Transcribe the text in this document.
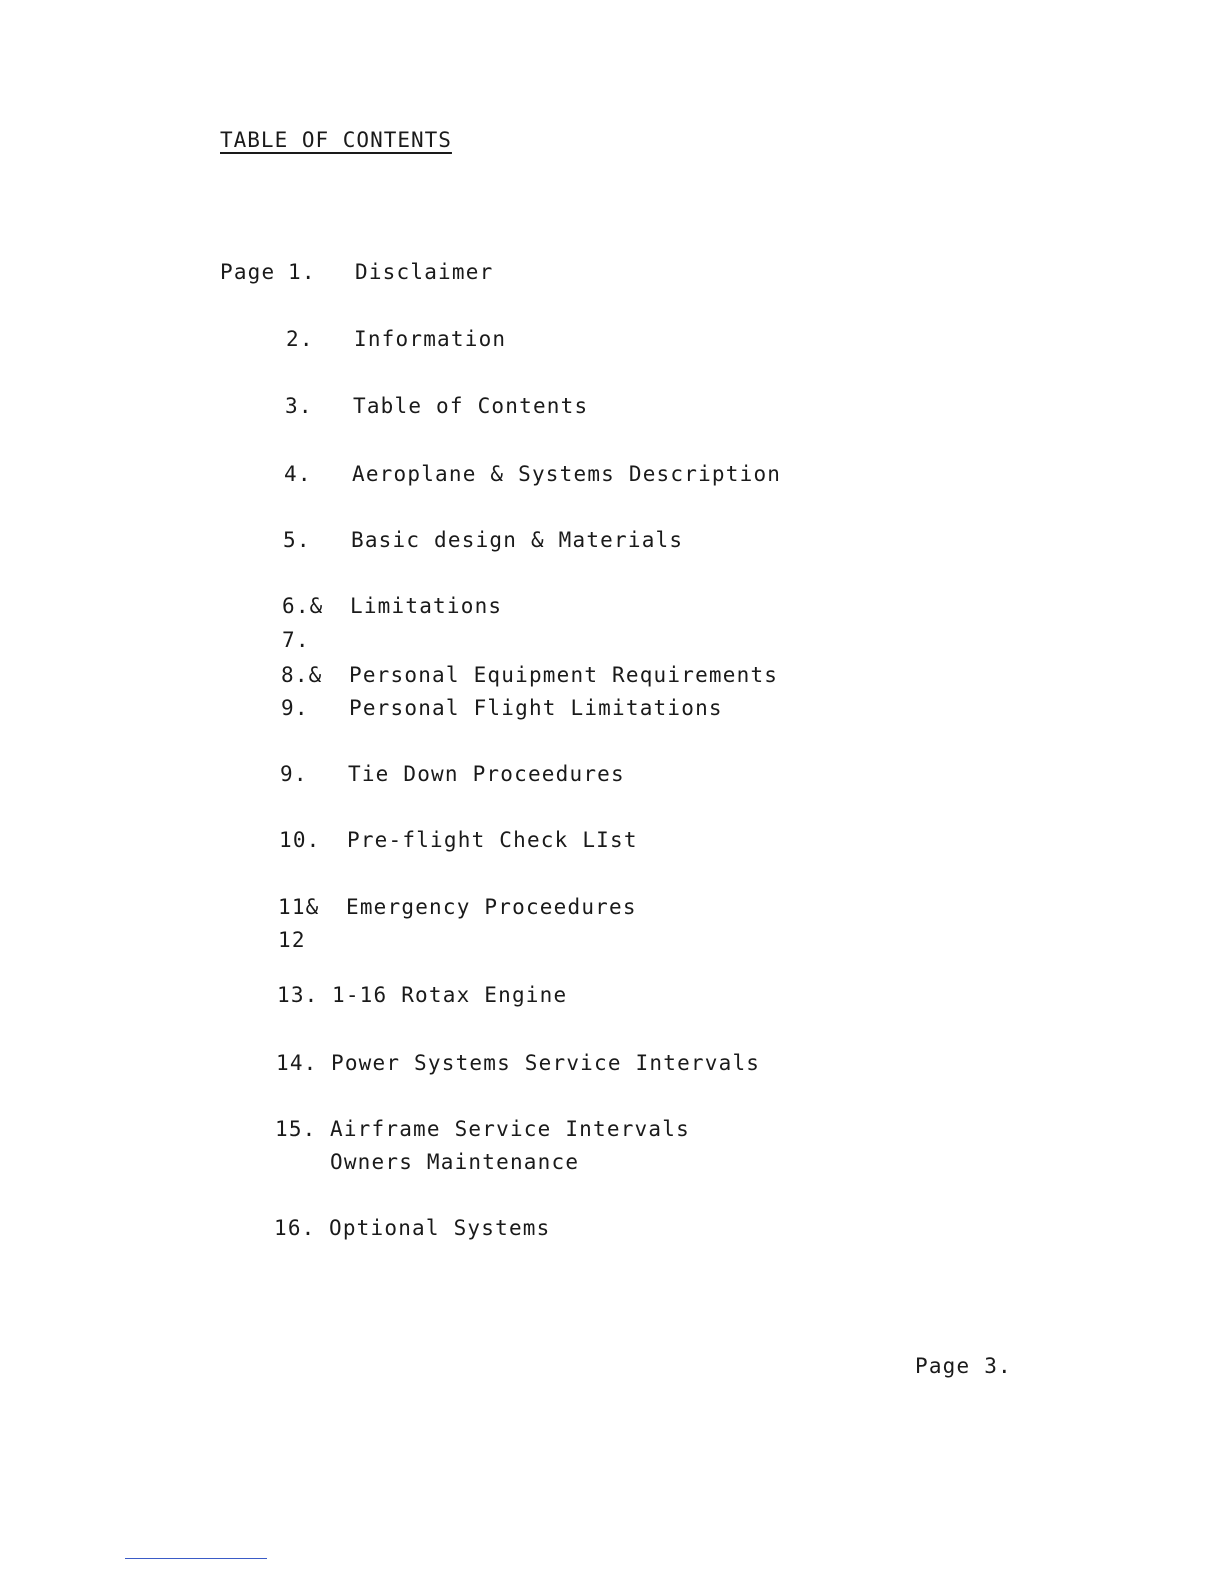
TABLE OF CONTENTS
Page 1. Disclaimer
2. Information
3. Table of Contents
4. Aeroplane & Systems Description
5. Basic design & Materials
6.& Limitations
7.
8.& Personal Equipment Requirements
9. Personal Flight Limitations
9. Tie Down Proceedures
10. Pre-flight Check LIst
11& Emergency Proceedures
12
13. 1-16 Rotax Engine
14. Power Systems Service Intervals
15. Airframe Service Intervals
Owners Maintenance
16. Optional Systems
Page 3.
